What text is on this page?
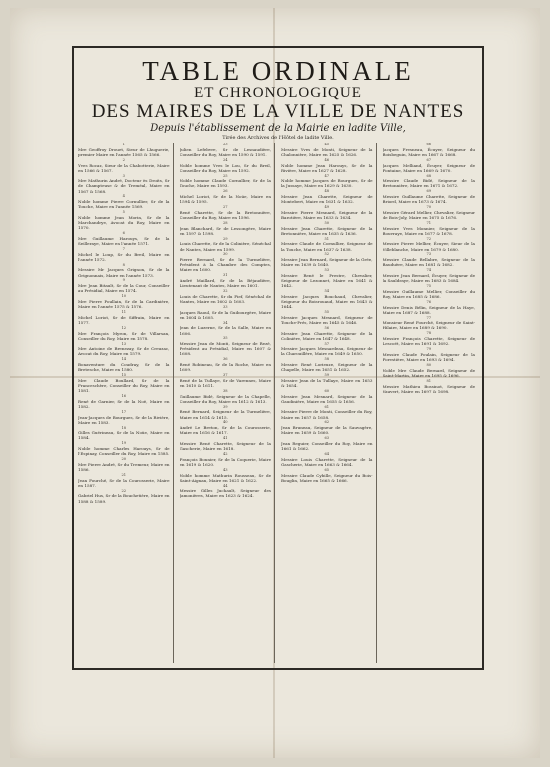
TABLE ORDINALE
ET CHRONOLOGIQUE
DES MAIRES DE LA VILLE DE NANTES
Depuis l'établissement de la Mairie en ladite Ville,
Tirée des Archives de l'Hôtel de ladite Ville.
1
Mre Geoffroy Drouet, Sieur de Lhuguerie, premier Maire en l'année 1565 & 1566.
2
Yves Rocaz, Sieur de la Chabotterie, Maire en 1566 & 1567.
3
Mre Mathurin André, Docteur ès Droits, Sr de Champteuse & de Treméal, Maire en 1567 & 1568.
4
Noble homme Pierre Cornullier, Sr de la Touche, Maire en l'année 1569.
5
Noble homme Jean Morin, Sr de la Marchandrye, Avocat du Roy, Maire en 1570.
6
Mre Guillaume Harouys, Sr de la Seilleraye, Maire en l'année 1571.
7
Michel le Loup, Sr du Breil, Maire en l'année 1572.
8
Messire Mr Jacques Grignon, Sr de la Grignonnais, Maire en l'année 1573.
9
Mre Jean Bitault, Sr de la Cour, Conseiller au Présidial, Maire en 1574.
10
Mre Pierre Poullain, Sr de la Cardinière, Maire en l'année 1575 & 1576.
11
Michel Loriot, Sr de Siffrain, Maire en 1577.
12
Mre François Myron, Sr de Villarsan, Conseiller du Roy, Maire en 1578.
13
Mre Antoine de Brenezay, Sr de Creuzac, Avocat du Roy, Maire en 1579.
14
Bonaventure du Coudray, Sr de la Bretesche, Maire en 1580.
15
Mre Claude Boullard, Sr de la Franceschère, Conseiller du Roy, Maire en 1581.
16
René de Garnier, Sr de la Noë, Maire en 1582.
17
Jean-Jacques de Bourgues, Sr de la Rivière, Maire en 1583.
18
Gilles Guérineau, Sr de la Noüe, Maire en 1584.
19
Noble homme Charles Harouys, Sr de l'Espinay, Conseiller du Roy, Maire en 1585.
20
Mre Pierre André, Sr du Tremeur, Maire en 1586.
21
Jean Fourché, Sr de la Courosserie, Maire en 1587.
22
Gabriel Hus, Sr de la Bouchetière, Maire en 1588 & 1589.
23
Julien Lefebvre, Sr de Lesnaudière, Conseiller du Roy, Maire en 1590 & 1591.
24
Noble homme Yves le Lou, Sr du Breil, Conseiller du Roy, Maire en 1592.
25
Noble homme Claude Cornullier, Sr de la Touche, Maire en 1593.
26
Michel Loriot, Sr de la Noüe, Maire en 1594 & 1595.
27
René Charette, Sr de la Bretonnière, Conseiller du Roy, Maire en 1596.
28
Jean Blanchard, Sr de Lessongère, Maire en 1597 & 1598.
29
Louis Charette, Sr de la Colinière, Sénéchal de Nantes, Maire en 1599.
30
Pierre Bernard, Sr de la Turmelière, Président à la Chambre des Comptes, Maire en 1600.
31
André Maillard, Sr de la Béjaudière, Lieutenant de Nantes, Maire en 1601.
32
Louis de Charette, Sr du Fief, Sénéchal de Nantes, Maire en 1602 & 1603.
33
Jacques Raoul, Sr de la Guibourgère, Maire en 1604 & 1605.
34
Jean de Luzerne, Sr de la Salle, Maire en 1606.
35
Messire Jean de Monti, Seigneur de Rezé, Président au Présidial, Maire en 1607 & 1608.
36
René Robineau, Sr de la Roche, Maire en 1609.
37
René de la Tullaye, Sr de Varennes, Maire en 1610 & 1611.
38
Guillaume Bidé, Seigneur de la Chapelle, Conseiller du Roy, Maire en 1612 & 1613.
39
René Bernard, Seigneur de la Turmelière, Maire en 1614 & 1615.
40
André Le Breton, Sr de la Courosserie, Maire en 1616 & 1617.
41
Messire René Charette, Seigneur de la Gascherie, Maire en 1618.
42
François Bonnier, Sr de la Coquerie, Maire en 1619 & 1620.
43
Noble homme Mathurin Rousseau, Sr de Saint-Aignan, Maire en 1621 & 1622.
44
Messire Gilles Juchault, Seigneur des Jamonières, Maire en 1623 & 1624.
45
Messire Yves de Monti, Seigneur de la Chalonnière, Maire en 1625 & 1626.
46
Noble homme Jean Harouys, Sr de la Rivière, Maire en 1627 & 1628.
47
Noble homme Jacques de Bourgues, Sr de la Jussaye, Maire en 1629 & 1630.
48
Messire Jean Charette, Seigneur de Montebert, Maire en 1631 & 1632.
49
Messire Pierre Mesnard, Seigneur de la Barotière, Maire en 1633 & 1634.
50
Messire Jean Charette, Seigneur de la Bretonnière, Maire en 1635 & 1636.
51
Messire Claude de Cornullier, Seigneur de la Touche, Maire en 1637 & 1638.
52
Messire Jean Bernard, Seigneur de la Grée, Maire en 1639 & 1640.
53
Messire René le Prestre, Chevalier, Seigneur de Lezonnet, Maire en 1641 & 1642.
54
Messire Jacques Bouchaud, Chevalier, Seigneur du Boisrouaud, Maire en 1643 & 1644.
55
Messire Jacques Mesnard, Seigneur de Touche-Prés, Maire en 1645 & 1646.
56
Messire Jean Charette, Seigneur de la Colinière, Maire en 1647 & 1648.
57
Messire Jacques Mesnardeau, Seigneur de la Charouillère, Maire en 1649 & 1650.
58
Messire René Lorieuze, Seigneur de la Chapelle, Maire en 1651 & 1652.
59
Messire Jean de la Tullaye, Maire en 1653 & 1654.
60
Messire Jean Mesnard, Seigneur de la Gaudinière, Maire en 1655 & 1656.
61
Messire Pierre de Monti, Conseiller du Roy, Maire en 1657 & 1658.
62
Jean Bruneau, Seigneur de la Sauvagère, Maire en 1659 & 1660.
63
Jean Reguier, Conseiller du Roy, Maire en 1661 & 1662.
64
Messire Louis Charette, Seigneur de la Gascherie, Maire en 1663 & 1664.
65
Messire Claude Cybille, Seigneur du Bois-Bouglin, Maire en 1665 & 1666.
66
Jacques Fresneau, Écuyer, Seigneur du Boisbeguin, Maire en 1667 & 1668.
67
Jacques Melliand, Écuyer, Seigneur de Fontaine, Maire en 1669 & 1670.
68
Messire Claude Bidé, Seigneur de la Bretonnière, Maire en 1671 & 1672.
69
Messire Guillaume Charette, Seigneur de Briord, Maire en 1673 & 1674.
70
Messire Gérard Mellier, Chevalier, Seigneur de Bois-Joly, Maire en 1675 & 1676.
71
Messire Yves Monnier, Seigneur de la Bouvraye, Maire en 1677 & 1678.
72
Messire Pierre Mellier, Écuyer, Sieur de la Villeblanche, Maire en 1679 & 1680.
73
Messire Claude Bellabre, Seigneur de la Bauduère, Maire en 1681 & 1682.
74
Messire Jean Bernard, Écuyer, Seigneur de la Sauldraye, Maire en 1683 & 1684.
75
Messire Guillaume Mellier, Conseiller du Roy, Maire en 1685 & 1686.
76
Messire Denis Bélin, Seigneur de la Haye, Maire en 1687 & 1688.
77
Monsieur René Fourché, Seigneur de Saint-Hilaire, Maire en 1689 & 1690.
78
Messire François Charette, Seigneur de Lescoët, Maire en 1691 & 1692.
79
Messire Claude Poulain, Seigneur de la Forestière, Maire en 1693 & 1694.
80
Noble Mre Claude Bernard, Seigneur de Saint-Martin, Maire en 1695 & 1696.
81
Messire Mathieu Bossinot, Seigneur de Vauvert, Maire en 1697 & 1698.
